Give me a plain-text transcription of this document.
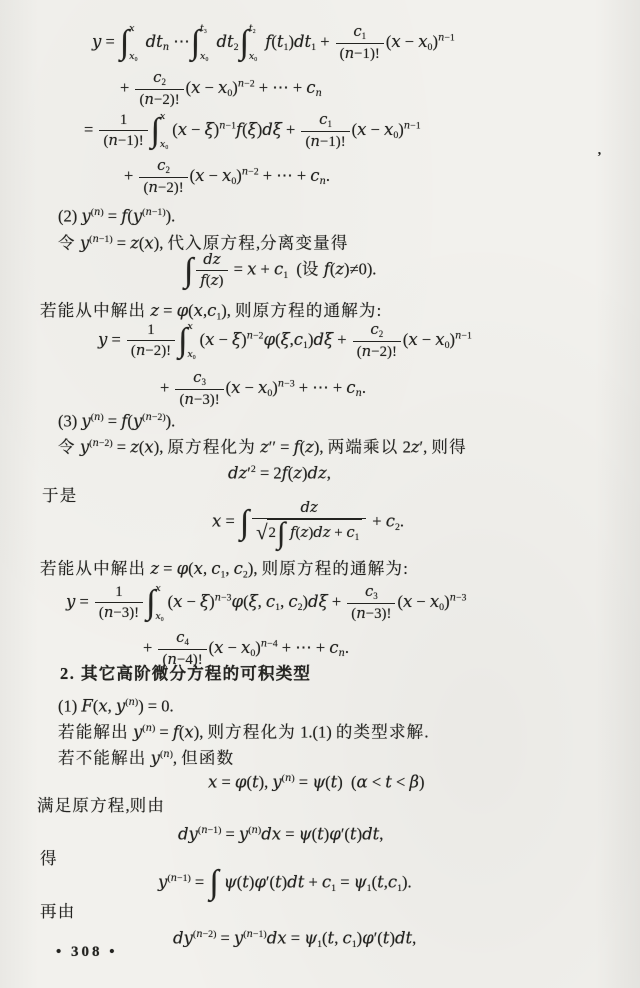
y = ∫ x
$x_0$
$dt_n$ ⋯ ∫ $t_3$
$x_0$
$dt_2$ ∫ $t_2$
$x_0$
$f(t_1)dt_1 + \frac{c_1}{(n-1)!} (x - x_0)^{n-1}$
+ $\frac{c_2}{(n-2)!} (x - x_0)^{n-2}$ + ⋯ + $c_n$
= $\frac{1}{(n-1)!}$ ∫ x
$x_0$
$(x - \xi)^{n-1}f(\xi)d\xi + \frac{c_1}{(n-1)!} (x - x_0)^{n-1}$
+ $\frac{c_2}{(n-2)!} (x - x_0)^{n-2}$ + ⋯ + $c_n$.
(2) $y^{(n)} = f(y^{(n-1)})$.
令 $y^{(n-1)} = z(x)$, 代入原方程,分离变量得
∫ $\frac{dz}{f(z)} = x + c_1$  (设 f(z)≠0).
若能从中解出 $z = \varphi(x,c_1)$, 则原方程的通解为:
$y = \frac{1}{(n-2)!}$ ∫ x
$x_0$
$(x - \xi)^{n-2}\varphi(\xi,c_1)d\xi + \frac{c_2}{(n-2)!} (x - x_0)^{n-1}$
+ $\frac{c_3}{(n-3)!} (x - x_0)^{n-3}$ + ⋯ + $c_n$.
(3) $y^{(n)} = f(y^{(n-2)})$.
令 $y^{(n-2)} = z(x)$, 原方程化为 z′′ = f(z), 两端乘以 2z′, 则得
$dz'^2 = 2f(z)dz$,
于是
x = ∫ $\frac{dz}{√ 2 \int f(z)dz + c_1} + c_2$.
若能从中解出 z = φ(x, $c_1$, $c_2$), 则原方程的通解为:
$y = \frac{1}{(n-3)!}$ ∫ x
$x_0$
$(x - \xi)^{n-3}\varphi(\xi$, $c_1$, $c_2)d\xi + \frac{c_3}{(n-3)!} (x - x_0)^{n-3}$
+ $\frac{c_4}{(n-4)!} (x - x_0)^{n-4}$ + ⋯ + $c_n$.
2. 其它高阶微分方程的可积类型
(1) F(x, $y^{(n)}) = 0$.
若能解出 $y^{(n)} = f(x)$, 则方程化为 1.(1) 的类型求解.
若不能解出 $y^{(n)}$, 但函数
x = φ(t), $y^{(n)} = \psi(t) (\alpha < t < \beta)$
满足原方程,则由
$dy^{(n-1)} = y^{(n)}dx = \psi(t)\varphi'(t)dt$,
得
$y^{(n-1)}$ = ∫ $\psi(t)\varphi'(t)dt + c_1 = \psi_1(t,c_1)$.
再由
$dy^{(n-2)} = y^{(n-1)}dx = \psi_1(t$, $c_1)\varphi'(t)dt$,
• 308 •
’
